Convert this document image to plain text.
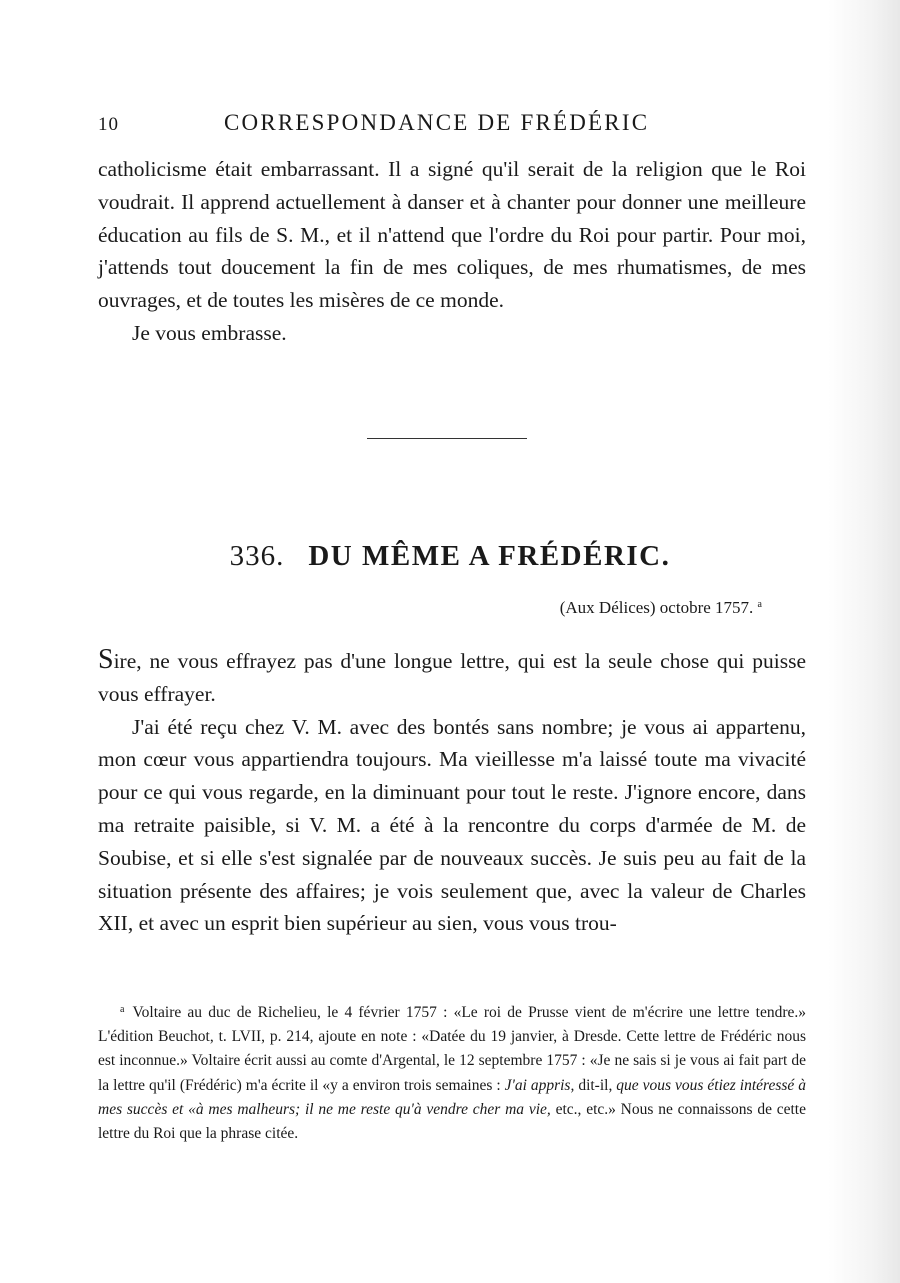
10	CORRESPONDANCE DE FRÉDÉRIC

catholicisme était embarrassant. Il a signé qu'il serait de la religion que le Roi voudrait. Il apprend actuellement à danser et à chanter pour donner une meilleure éducation au fils de S. M., et il n'attend que l'ordre du Roi pour partir. Pour moi, j'attends tout doucement la fin de mes coliques, de mes rhumatismes, de mes ouvrages, et de toutes les misères de ce monde.

Je vous embrasse.

336. DU MÊME A FRÉDÉRIC.
(Aux Délices) octobre 1757. $^a$

Sire, ne vous effrayez pas d'une longue lettre, qui est la seule chose qui puisse vous effrayer.

J'ai été reçu chez V. M. avec des bontés sans nombre; je vous ai appartenu, mon cœur vous appartiendra toujours. Ma vieillesse m'a laissé toute ma vivacité pour ce qui vous regarde, en la diminuant pour tout le reste. J'ignore encore, dans ma retraite paisible, si V. M. a été à la rencontre du corps d'armée de M. de Soubise, et si elle s'est signalée par de nouveaux succès. Je suis peu au fait de la situation présente des affaires; je vois seulement que, avec la valeur de Charles XII, et avec un esprit bien supérieur au sien, vous vous trou-

$^a$ Voltaire au duc de Richelieu, le 4 février 1757 : «Le roi de Prusse vient de m'écrire une lettre tendre.» L'édition Beuchot, t. LVII, p. 214, ajoute en note : «Datée du 19 janvier, à Dresde. Cette lettre de Frédéric nous est inconnue.» Voltaire écrit aussi au comte d'Argental, le 12 septembre 1757 : «Je ne sais si je vous ai fait part de la lettre qu'il (Frédéric) m'a écrite il «y a environ trois semaines : J'ai appris, dit-il, que vous vous étiez intéressé à mes succès et «à mes malheurs; il ne me reste qu'à vendre cher ma vie, etc., etc.» Nous ne connaissons de cette lettre du Roi que la phrase citée.
